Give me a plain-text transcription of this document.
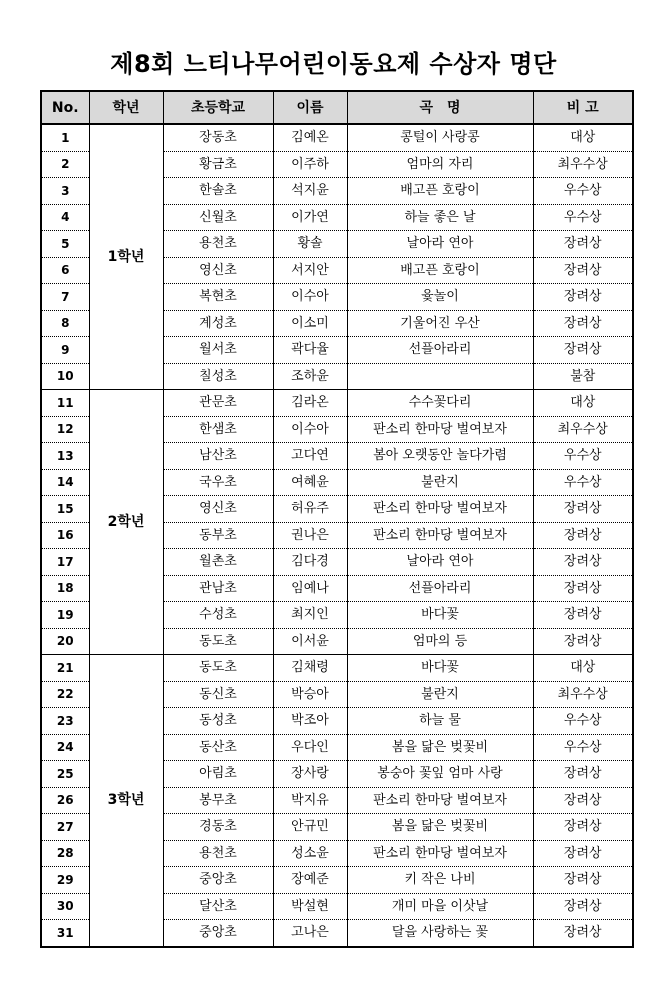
제8회 느티나무어린이동요제 수상자 명단
No.	학년	초등학교	이름	곡　명	비 고
1	1학년	장동초	김예온	콩털이 사랑콩	대상
2		황금초	이주하	엄마의 자리	최우수상
3		한솔초	석지윤	배고픈 호랑이	우수상
4		신월초	이가연	하늘 좋은 날	우수상
5		용천초	황솔	날아라 연아	장려상
6		영신초	서지안	배고픈 호랑이	장려상
7		복현초	이수아	윷놀이	장려상
8		계성초	이소미	기울어진 우산	장려상
9		월서초	곽다율	선플아라리	장려상
10		칠성초	조하윤		불참
11	2학년	관문초	김라온	수수꽃다리	대상
12		한샘초	이수아	판소리 한마당 벌여보자	최우수상
13		남산초	고다연	봄아 오랫동안 놀다가렴	우수상
14		국우초	여혜윤	불란지	우수상
15		영신초	허유주	판소리 한마당 벌여보자	장려상
16		동부초	권나은	판소리 한마당 벌여보자	장려상
17		월촌초	김다경	날아라 연아	장려상
18		관남초	임예나	선플아라리	장려상
19		수성초	최지인	바다꽃	장려상
20		동도초	이서윤	엄마의 등	장려상
21	3학년	동도초	김채령	바다꽃	대상
22		동신초	박승아	불란지	최우수상
23		동성초	박조아	하늘 물	우수상
24		동산초	우다인	봄을 닮은 벚꽃비	우수상
25		아림초	장사랑	봉숭아 꽃잎 엄마 사랑	장려상
26		봉무초	박지유	판소리 한마당 벌여보자	장려상
27		경동초	안규민	봄을 닮은 벚꽃비	장려상
28		용천초	성소윤	판소리 한마당 벌여보자	장려상
29		중앙초	장예준	키 작은 나비	장려상
30		달산초	박설현	개미 마을 이삿날	장려상
31		중앙초	고나은	달을 사랑하는 꽃	장려상
